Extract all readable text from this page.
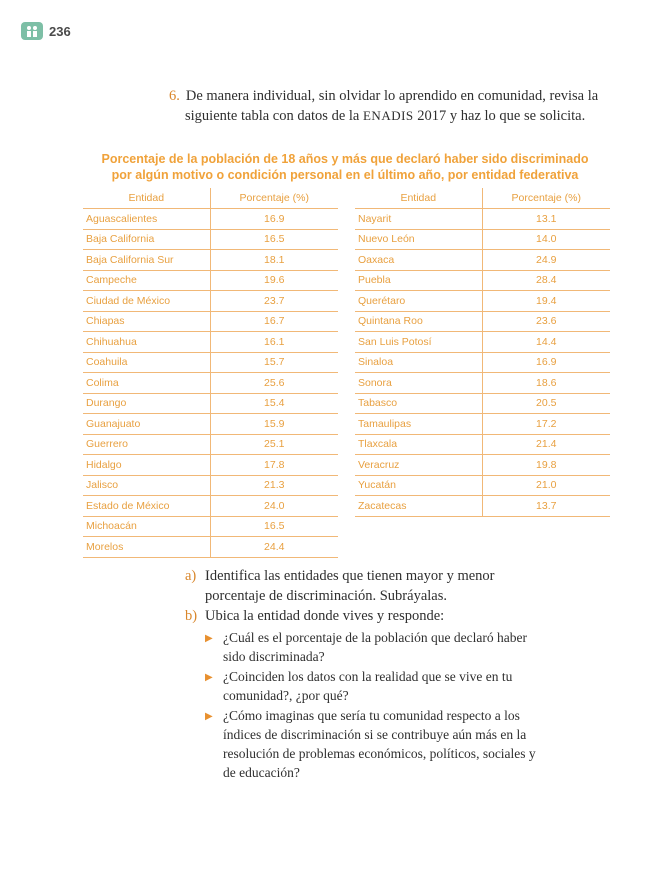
236
6. De manera individual, sin olvidar lo aprendido en comunidad, revisa la
siguiente tabla con datos de la ENADIS 2017 y haz lo que se solicita.
Porcentaje de la población de 18 años y más que declaró haber sido discriminado
por algún motivo o condición personal en el último año, por entidad federativa
Entidad	Porcentaje (%)
Aguascalientes	16.9
Baja California	16.5
Baja California Sur	18.1
Campeche	19.6
Ciudad de México	23.7
Chiapas	16.7
Chihuahua	16.1
Coahuila	15.7
Colima	25.6
Durango	15.4
Guanajuato	15.9
Guerrero	25.1
Hidalgo	17.8
Jalisco	21.3
Estado de México	24.0
Michoacán	16.5
Morelos	24.4
Entidad	Porcentaje (%)
Nayarit	13.1
Nuevo León	14.0
Oaxaca	24.9
Puebla	28.4
Querétaro	19.4
Quintana Roo	23.6
San Luis Potosí	14.4
Sinaloa	16.9
Sonora	18.6
Tabasco	20.5
Tamaulipas	17.2
Tlaxcala	21.4
Veracruz	19.8
Yucatán	21.0
Zacatecas	13.7
a) Identifica las entidades que tienen mayor y menor porcentaje de discriminación. Subráyalas.
b) Ubica la entidad donde vives y responde:
▶ ¿Cuál es el porcentaje de la población que declaró haber sido discriminada?
▶ ¿Coinciden los datos con la realidad que se vive en tu comunidad?, ¿por qué?
▶ ¿Cómo imaginas que sería tu comunidad respecto a los índices de discriminación si se contribuye aún más en la resolución de problemas económicos, políticos, sociales y de educación?
